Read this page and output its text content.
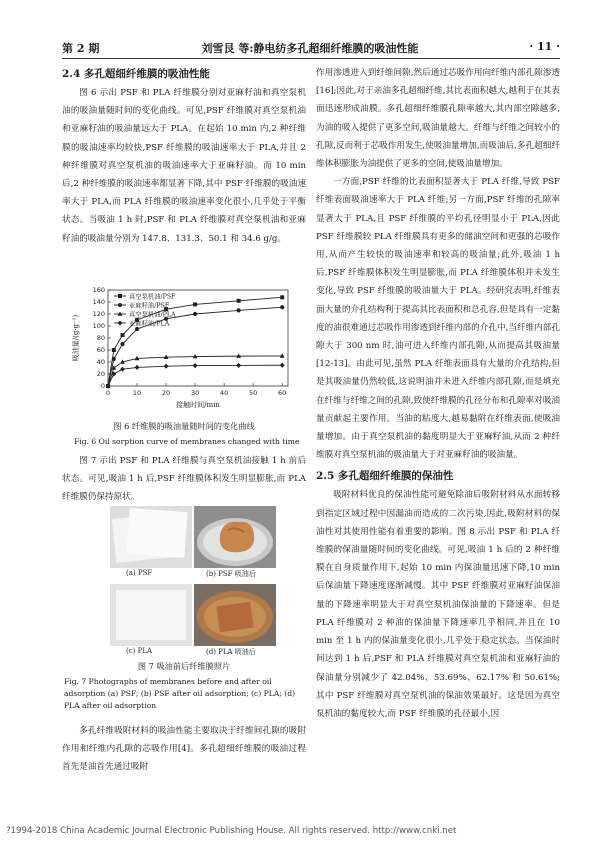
第 2 期	刘雪艮 等:静电纺多孔超细纤维膜的吸油性能	· 11 ·
2.4 多孔超细纤维膜的吸油性能

图 6 示出 PSF 和 PLA 纤维膜分别对亚麻籽油和真空泵机油的吸油量随时间的变化曲线。可见,PSF 纤维膜对真空泵机油和亚麻籽油的吸油量远大于 PLA。在起始 10 min 内,2 种纤维膜的吸油速率均较快,PSF 纤维膜的吸油速率大于 PLA,并且 2 种纤维膜对真空泵机油的吸油速率大于亚麻籽油。而 10 min 后,2 种纤维膜的吸油速率都显著下降,其中 PSF 纤维膜的吸油速率大于 PLA,而 PLA 纤维膜的吸油速率变化很小,几乎处于平衡状态。当吸油 1 h 时,PSF 和 PLA 纤维膜对真空泵机油和亚麻籽油的吸油量分别为 147.8、131.3、50.1 和 34.6 g/g。

0	10	20	30	40	50	60
0
20
40
60
80
100
120
140
160
接触时间/min
吸油量/(g·g⁻¹)
真空泵机油/PSF
亚麻籽油/PSF
真空泵机油/PLA
亚麻籽油/PLA
图 6 纤维膜的吸油量随时间的变化曲线
Fig. 6 Oil sorption curve of membranes changed with time

图 7 示出 PSF 和 PLA 纤维膜与真空泵机油接触 1 h 前后状态。可见,吸油 1 h 后,PSF 纤维膜体积发生明显膨胀,而 PLA 纤维膜仍保持原状。

(a) PSF	(b) PSF 吸油后
(c) PLA	(d) PLA 吸油后
图 7 吸油前后纤维膜照片
Fig. 7 Photographs of membranes before and after oil adsorption (a) PSF; (b) PSF after oil adsorption; (c) PLA; (d) PLA after oil adsorption

多孔纤维吸附材料的吸油性能主要取决于纤维间孔隙的吸附作用和纤维内孔隙的芯吸作用[4]。多孔超细纤维膜的吸油过程首先是油首先通过吸附

作用渗透进入到纤维间隙,然后通过芯吸作用向纤维内部孔隙渗透[16];因此,对于亲油多孔超细纤维,其比表面积越大,越利于在其表面迅速形成油膜。多孔超细纤维膜孔隙率越大,其内部空隙越多,为油的吸入提供了更多空间,吸油量越大。纤维与纤维之间较小的孔隙,反而利于芯吸作用发生,使吸油量增加,而吸油后,多孔超细纤维体积膨胀为油提供了更多的空间,使吸油量增加。

一方面,PSF 纤维的比表面积显著大于 PLA 纤维,导致 PSF 纤维表面吸油速率大于 PLA 纤维;另一方面,PSF 纤维的孔隙率显著大于 PLA,且 PSF 纤维膜的平均孔径明显小于 PLA,因此 PSF 纤维膜较 PLA 纤维膜具有更多的储油空间和更强的芯吸作用,从而产生较快的吸油速率和较高的吸油量;此外,吸油 1 h 后,PSF 纤维膜体积发生明显膨胀,而 PLA 纤维膜体积并未发生变化,导致 PSF 纤维膜的吸油量大于 PLA。经研究表明,纤维表面大量的介孔结构利于提高其比表面积和总孔容,但是具有一定黏度的油很难通过芯吸作用渗透到纤维内部的介孔中,当纤维内部孔隙大于 300 nm 时,油可进入纤维内部孔隙,从而提高其吸油量[12-13]。由此可见,虽然 PLA 纤维表面具有大量的介孔结构,但是其吸油量仍然较低,这说明油并未进入纤维内部孔隙,而是填充在纤维与纤维之间的孔隙,致使纤维膜的孔径分布和孔隙率对吸油量贡献起主要作用。当油的粘度大,越易黏附在纤维表面,使吸油量增加。由于真空泵机油的黏度明显大于亚麻籽油,从而 2 种纤维膜对真空泵机油的吸油量大于对亚麻籽油的吸油量。

2.5 多孔超细纤维膜的保油性

吸附材料优良的保油性能可避免除油后吸附材料从水面转移到指定区域过程中因漏油而造成的二次污染,因此,吸附材料的保油性对其使用性能有着重要的影响。图 8 示出 PSF 和 PLA 纤维膜的保油量随时间的变化曲线。可见,吸油 1 h 后的 2 种纤维膜在自身质量作用下,起始 10 min 内保油量迅速下降,10 min 后保油量下降速度逐渐减慢。其中 PSF 纤维膜对亚麻籽油保油量的下降速率明显大于对真空泵机油保油量的下降速率。但是 PLA 纤维膜对 2 种油的保油量下降速率几乎相同,并且在 10 min 至 1 h 内的保油量变化很小,几乎处于稳定状态。当保油时间达到 1 h 后,PSF 和 PLA 纤维膜对真空泵机油和亚麻籽油的保油量分别减少了 42.04%、53.69%、62.17% 和 50.61%;其中 PSF 纤维膜对真空泵机油的保油效果最好。这是因为真空泵机油的黏度较大,而 PSF 纤维膜的孔径最小,因

?1994-2018 China Academic Journal Electronic Publishing House. All rights reserved. http://www.cnki.net
